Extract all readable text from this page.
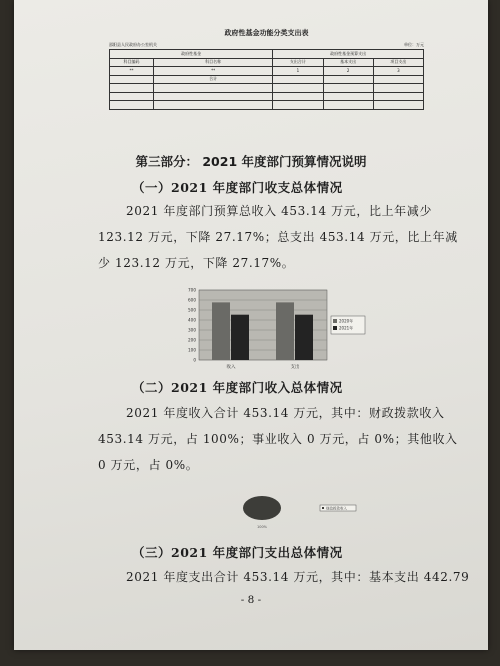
政府性基金功能分类支出表
邵阳县人民政府办公室机关	单位：万元
政府性基金		政府性基金预算支出		
科目编码	科目名称	支出合计	基本支出	项目支出
**	**	1	2	3
	合计			

第三部分： 2021 年度部门预算情况说明
（一）2021 年度部门收支总体情况
2021 年度部门预算总收入 453.14 万元，比上年减少
123.12 万元，下降 27.17%；总支出 453.14 万元，比上年减
少 123.12 万元，下降 27.17%。
0
100
200
300
400
500
600
700
收入	支出
2020年
2021年
（二）2021 年度部门收入总体情况
2021 年度收入合计 453.14 万元，其中：财政拨款收入
453.14 万元，占 100%；事业收入 0 万元，占 0%；其他收入
0 万元，占 0%。
100%
财政拨款收入
（三）2021 年度部门支出总体情况
2021 年度支出合计 453.14 万元，其中：基本支出 442.79
- 8 -
